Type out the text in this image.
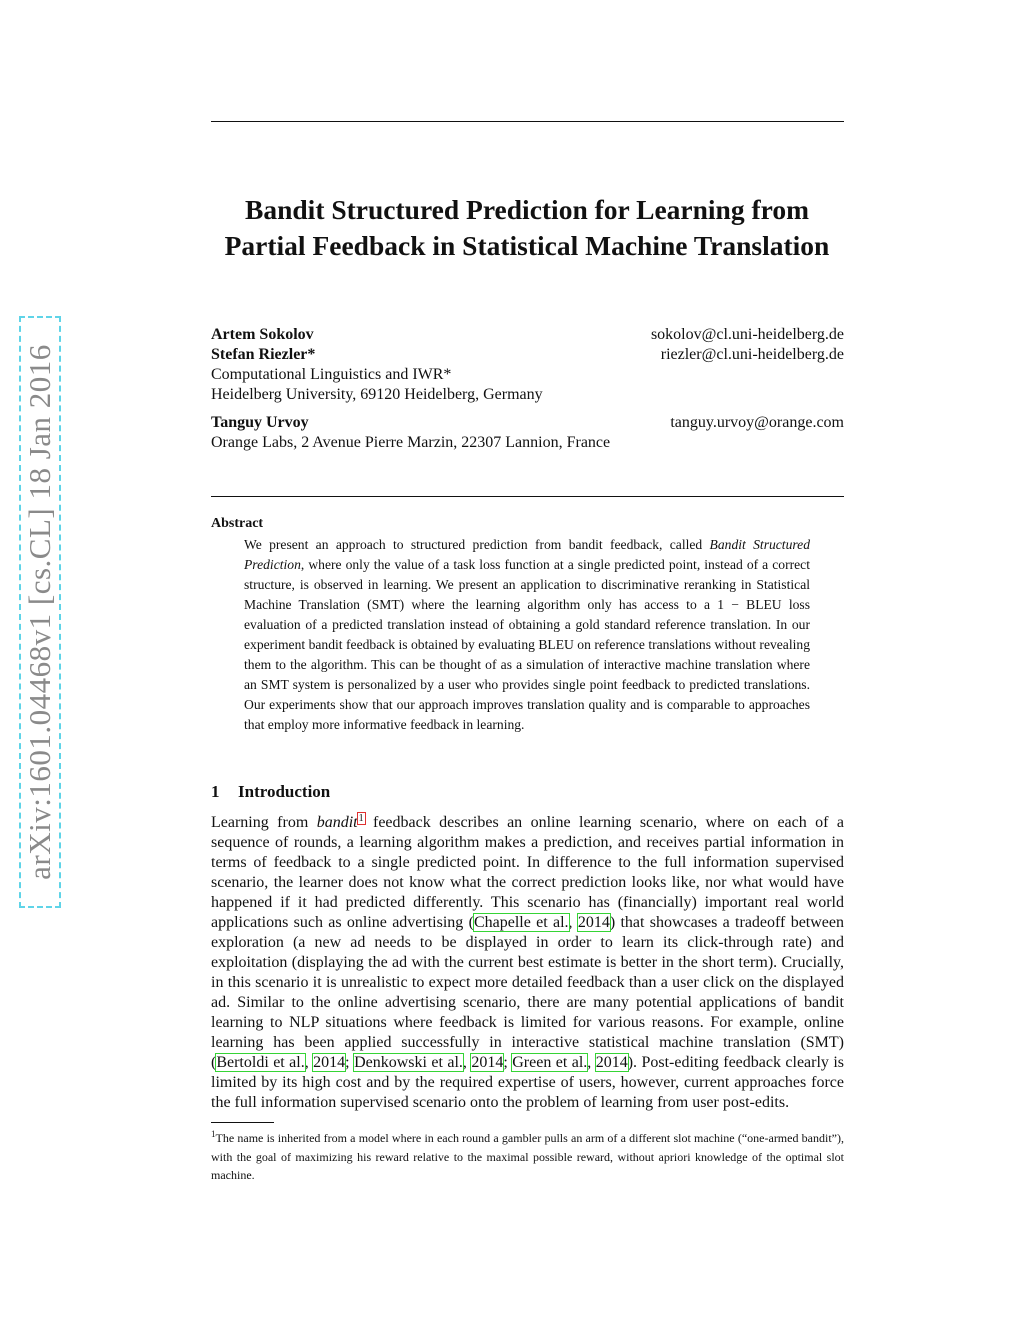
arXiv:1601.04468v1 [cs.CL] 18 Jan 2016
Bandit Structured Prediction for Learning from
Partial Feedback in Statistical Machine Translation
Artem Sokolov	sokolov@cl.uni-heidelberg.de
Stefan Riezler*	riezler@cl.uni-heidelberg.de
Computational Linguistics and IWR*
Heidelberg University, 69120 Heidelberg, Germany
Tanguy Urvoy	tanguy.urvoy@orange.com
Orange Labs, 2 Avenue Pierre Marzin, 22307 Lannion, France
Abstract
We present an approach to structured prediction from bandit feedback, called Bandit Structured Prediction, where only the value of a task loss function at a single predicted point, instead of a correct structure, is observed in learning. We present an application to discriminative reranking in Statistical Machine Translation (SMT) where the learning algorithm only has access to a 1 − BLEU loss evaluation of a predicted translation instead of obtaining a gold standard reference translation. In our experiment bandit feedback is obtained by evaluating BLEU on reference translations without revealing them to the algorithm. This can be thought of as a simulation of interactive machine translation where an SMT system is personalized by a user who provides single point feedback to predicted translations. Our experiments show that our approach improves translation quality and is comparable to approaches that employ more informative feedback in learning.
1 Introduction
Learning from bandit$^1$ feedback describes an online learning scenario, where on each of a sequence of rounds, a learning algorithm makes a prediction, and receives partial information in terms of feedback to a single predicted point. In difference to the full information supervised scenario, the learner does not know what the correct prediction looks like, nor what would have happened if it had predicted differently. This scenario has (financially) important real world applications such as online advertising (Chapelle et al., 2014) that showcases a tradeoff between exploration (a new ad needs to be displayed in order to learn its click-through rate) and exploitation (displaying the ad with the current best estimate is better in the short term). Crucially, in this scenario it is unrealistic to expect more detailed feedback than a user click on the displayed ad. Similar to the online advertising scenario, there are many potential applications of bandit learning to NLP situations where feedback is limited for various reasons. For example, online learning has been applied successfully in interactive statistical machine translation (SMT) (Bertoldi et al., 2014; Denkowski et al., 2014; Green et al., 2014). Post-editing feedback clearly is limited by its high cost and by the required expertise of users, however, current approaches force the full information supervised scenario onto the problem of learning from user post-edits.
$^1$The name is inherited from a model where in each round a gambler pulls an arm of a different slot machine (“one-armed bandit”), with the goal of maximizing his reward relative to the maximal possible reward, without apriori knowledge of the optimal slot machine.
